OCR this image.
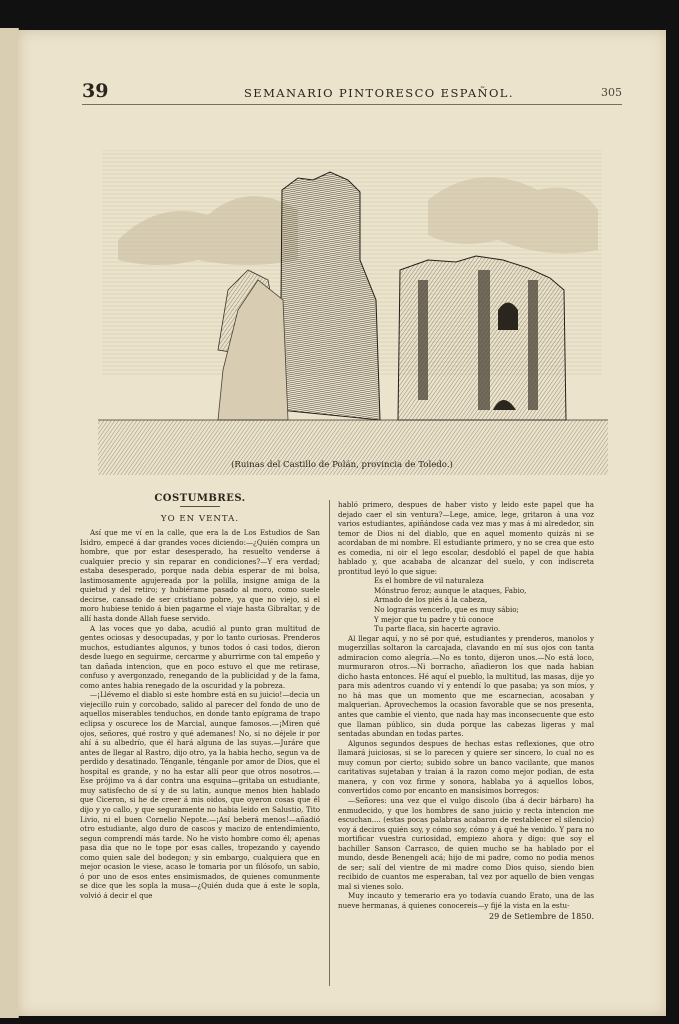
39	SEMANARIO PINTORESCO ESPAÑOL.	305
(Ruinas del Castillo de Polán, provincia de Toledo.)
COSTUMBRES.
YO EN VENTA.

Así que me ví en la calle, que era la de Los Estudios de San Isidro, empecé á dar grandes voces diciendo:—¿Quién compra un hombre, que por estar desesperado, ha resuelto venderse á cualquier precio y sin reparar en condiciones?—Y era verdad; estaba desesperado, porque nada debia esperar de mi bolsa, lastimosamente agujereada por la polilla, insigne amiga de la quietud y del retiro; y hubiérame pasado al moro, como suele decirse, cansado de ser cristiano pobre, ya que no viejo, si el moro hubiese tenido á bien pagarme el viaje hasta Gibraltar, y de allí hasta donde Allah fuese servido.

A las voces que yo daba, acudió al punto gran multitud de gentes ociosas y desocupadas, y por lo tanto curiosas. Prenderos muchos, estudiantes algunos, y tunos todos ó casi todos, dieron desde luego en seguirme, cercarme y aburrirme con tal empeño y tan dañada intencion, que en poco estuvo el que me retirase, confuso y avergonzado, renegando de la publicidad y de la fama, como antes habia renegado de la oscuridad y la pobreza.

—¡Llévemo el diablo si este hombre está en su juicio!—decia un viejecillo ruin y corcobado, salido al parecer del fondo de uno de aquellos miserables tenduchos, en donde tanto epígrama de trapo eclipsa y oscurece los de Marcial, aunque famosos.—¡Miren qué ojos, señores, qué rostro y qué ademanes! No, si no déjele ir por ahí á su albedrío, que él hará alguna de las suyas.—Juráre que antes de llegar al Rastro, dijo otro, ya la habia hecho, segun va de perdido y desatinado. Ténganle, ténganle por amor de Dios, que el hospital es grande, y no ha estar allí peor que otros nosotros.—Ese prójimo va á dar contra una esquina—gritaba un estudiante, muy satisfecho de sí y de su latin, aunque menos bien hablado que Ciceron, si he de creer á mis oidos, que oyeron cosas que él dijo y yo callo, y que seguramente no habia leido en Salustio, Tito Livio, ni el buen Cornelio Nepote.—¡Así beberá menos!—añadió otro estudiante, algo duro de cascos y macizo de entendimiento, segun comprendí más tarde. No he visto hombre como él; apenas pasa dia que no le tope por esas calles, tropezando y cayendo como quien sale del bodegon; y sin embargo, cualquiera que en mejor ocasion le viese, acaso le tomaria por un filósofo, un sabio, ó por uno de esos entes ensimismados, de quienes comunmente se dice que les sopla la musa—¿Quién duda que á este le sopla, volvió á decir el que

habló primero, despues de haber visto y leido este papel que ha dejado caer el sin ventura?—Lege, amice, lege, gritaron á una voz varios estudiantes, apiñándose cada vez mas y mas á mi alrededor, sin temor de Dios ni del diablo, que en aquel momento quizás ni se acordaban de mi nombre. El estudiante primero, y no se crea que esto es comedia, ni oir el lego escolar, desdobló el papel de que habia hablado y, que acababa de alcanzar del suelo, y con indiscreta prontitud leyó lo que sigue:

Es el hombre de vil naturaleza

Mónstruo feroz; aunque le ataques, Fabio,

Armado de los piés á la cabeza,

No lograrás vencerlo, que es muy sábio;

Y mejor que tu padre y tú conoce

Tu parte flaca, sin hacerte agravio.

Al llegar aquí, y no sé por qué, estudiantes y prenderos, manolos y mugerzillas soltaron la carcajada, clavando en mí sus ojos con tanta admiracion como alegría.—No es tonto, dijeron unos.—No está loco, murmuraron otros.—Ni borracho, añadieron los que nada habian dicho hasta entonces. Hé aquí el pueblo, la multitud, las masas, dije yo para mis adentros cuando ví y entendí lo que pasaba; ya son míos, y no há mas que un momento que me escarnecian, acosaban y malquerian. Aprovechemos la ocasion favorable que se nos presenta, antes que cambie el viento, que nada hay mas inconsecuente que esto que llaman público, sin duda porque las cabezas ligeras y mal sentadas abundan en todas partes.

Algunos segundos despues de hechas estas reflexiones, que otro llamará juiciosas, si se lo parecen y quiere ser sincero, lo cual no es muy comun por cierto; subido sobre un banco vacilante, que manos caritativas sujetaban y traian á la razon como mejor podian, de esta manera, y con voz firme y sonora, hablaba yo á aquellos lobos, convertidos como por encanto en mansísimos borregos:

—Señores: una vez que el vulgo discolo (iba á decir bárbaro) ha enmudecido, y que los hombres de sano juicio y recta intencion me escuchan.... (estas pocas palabras acabaron de restablecer el silencio) voy á deciros quién soy, y cómo soy, cómo y á qué he venido. Y para no mortificar vuestra curiosidad, empiezo ahora y digo: que soy el bachiller Sanson Carrasco, de quien mucho se ha hablado por el mundo, desde Benengeli acá; hijo de mi padre, como no podia menos de ser; salí del vientre de mi madre como Dios quiso, siendo bien recibido de cuantos me esperaban, tal vez por aquello de bien vengas mal si vienes solo.

Muy incauto y temerario era yo todavía cuando Erato, una de las nueve hermanas, á quienes conocereis—y fijé la vista en la estu-

29 de Setiembre de 1850.
